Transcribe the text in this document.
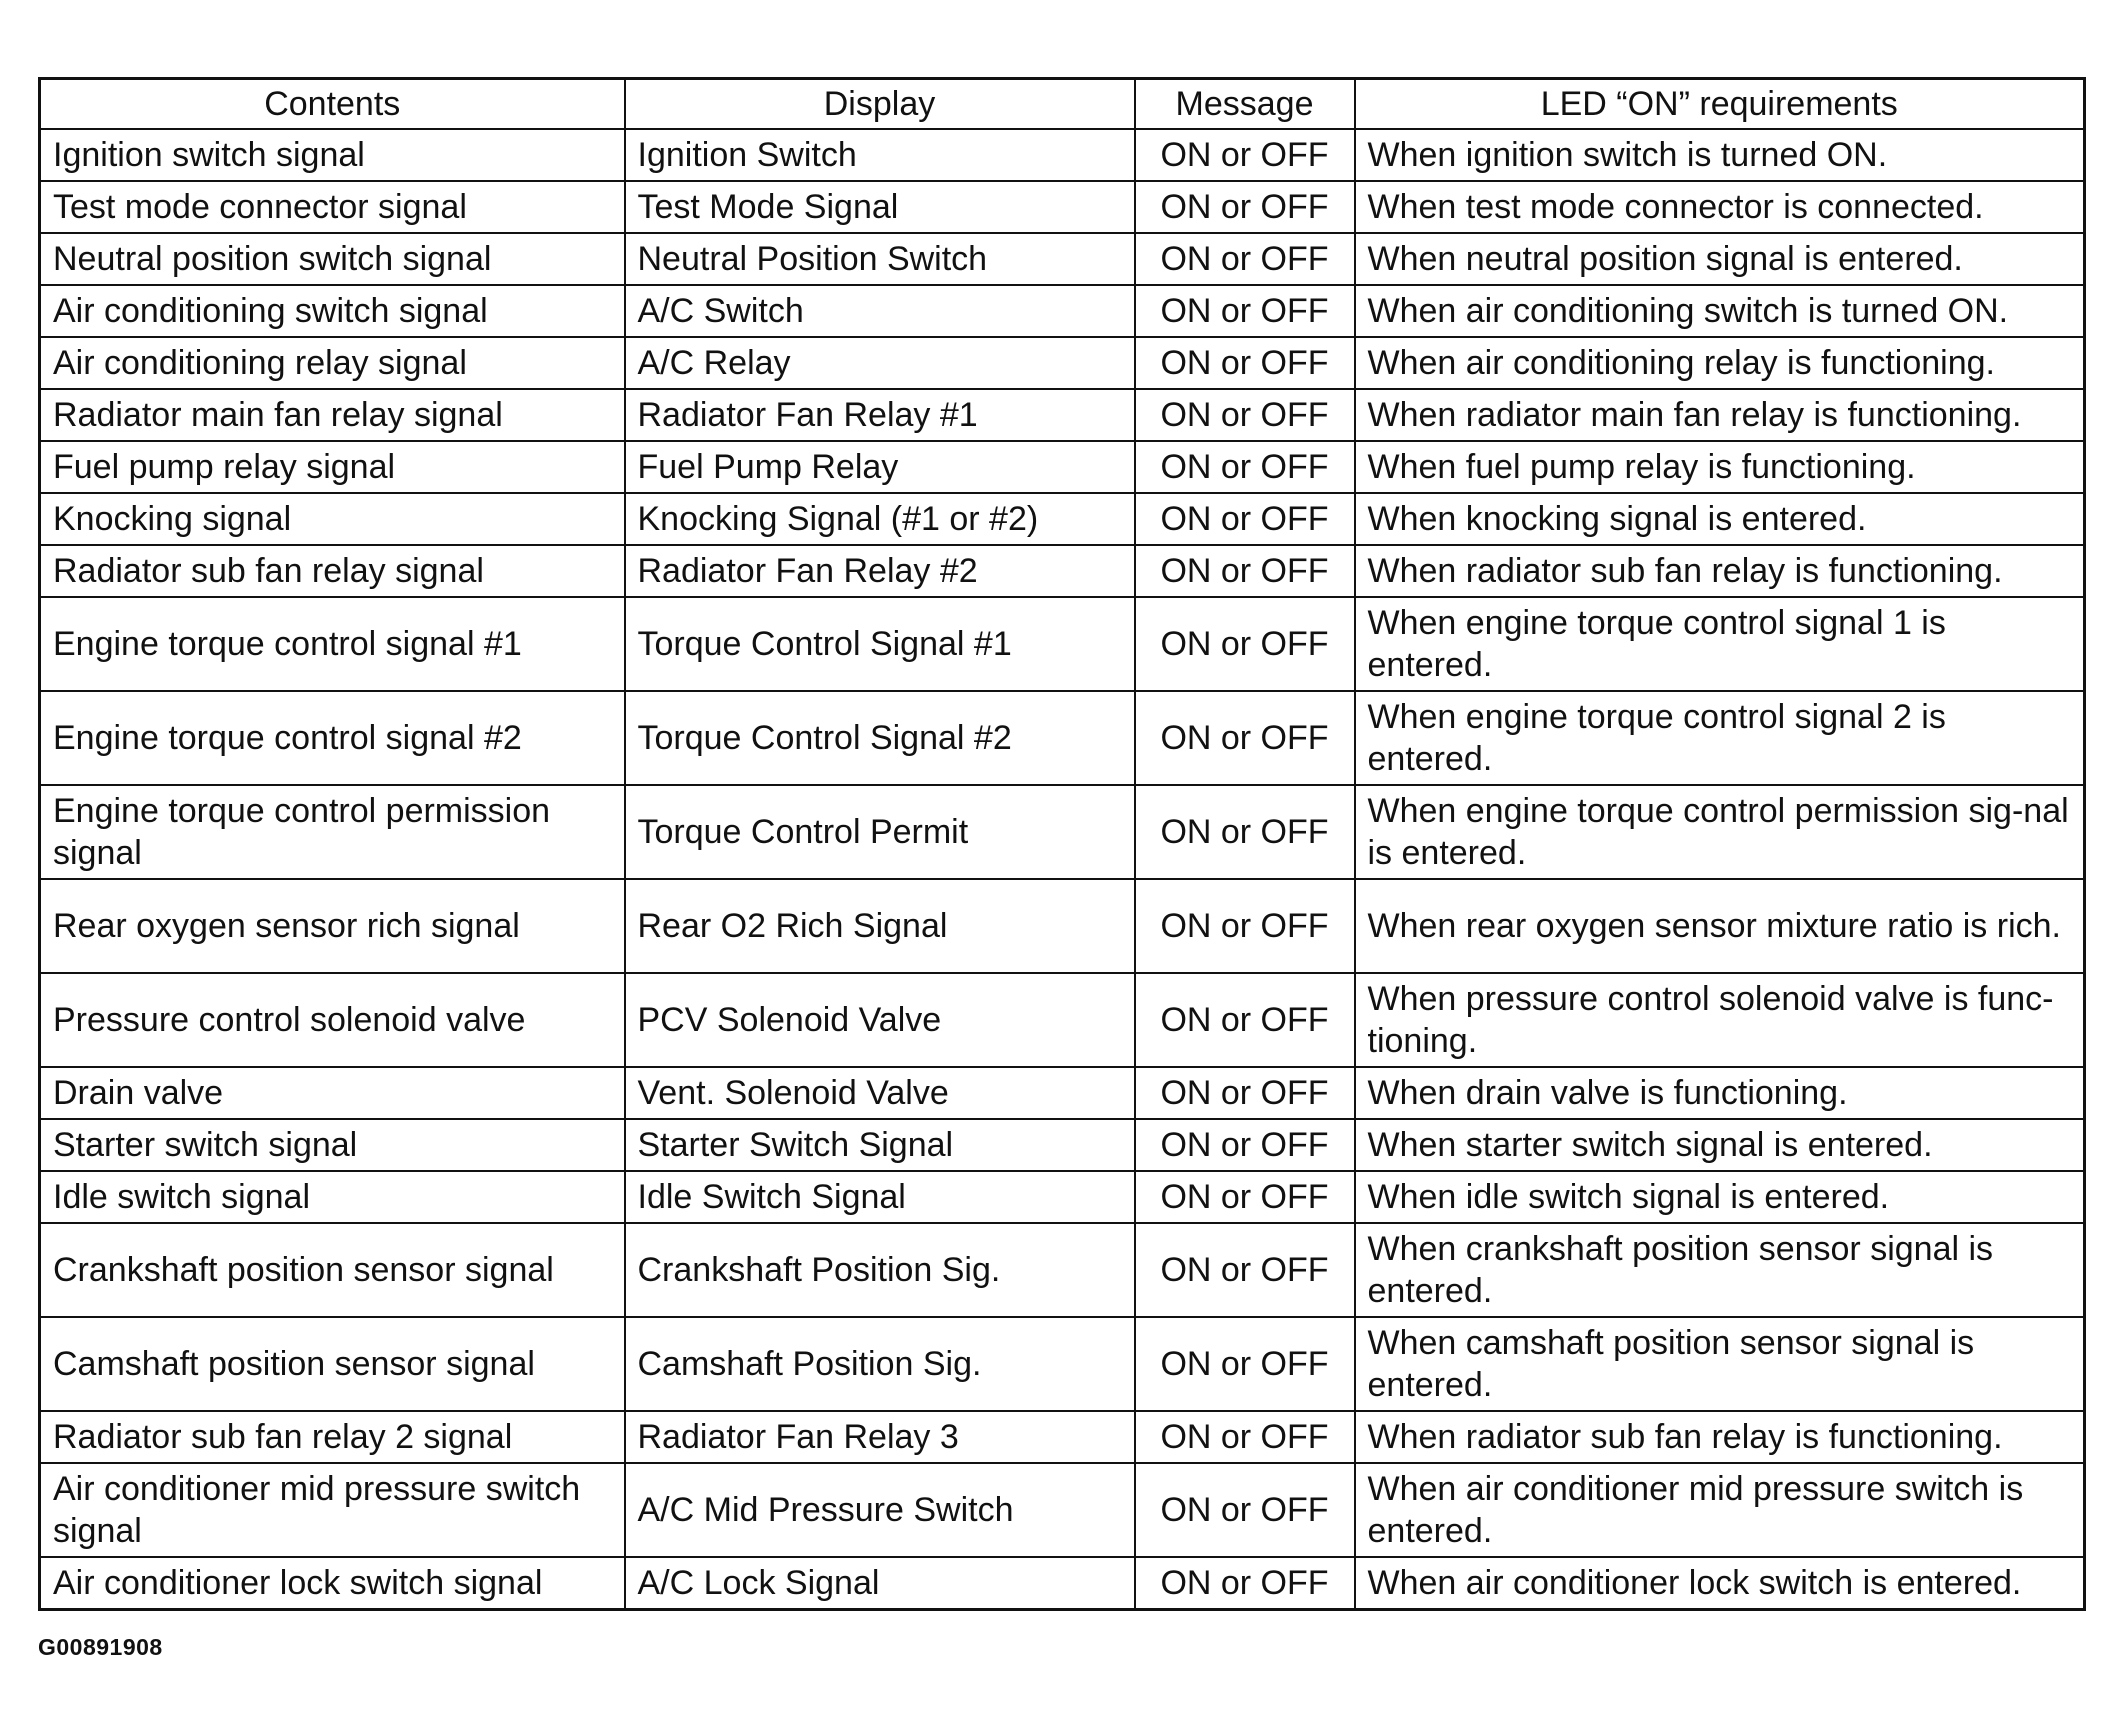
Contents	Display	Message	LED “ON” requirements
Ignition switch signal	Ignition Switch	ON or OFF	When ignition switch is turned ON.
Test mode connector signal	Test Mode Signal	ON or OFF	When test mode connector is connected.
Neutral position switch signal	Neutral Position Switch	ON or OFF	When neutral position signal is entered.
Air conditioning switch signal	A/C Switch	ON or OFF	When air conditioning switch is turned ON.
Air conditioning relay signal	A/C Relay	ON or OFF	When air conditioning relay is functioning.
Radiator main fan relay signal	Radiator Fan Relay #1	ON or OFF	When radiator main fan relay is functioning.
Fuel pump relay signal	Fuel Pump Relay	ON or OFF	When fuel pump relay is functioning.
Knocking signal	Knocking Signal (#1 or #2)	ON or OFF	When knocking signal is entered.
Radiator sub fan relay signal	Radiator Fan Relay #2	ON or OFF	When radiator sub fan relay is functioning.
Engine torque control signal #1	Torque Control Signal #1	ON or OFF	When engine torque control signal 1 is entered.
Engine torque control signal #2	Torque Control Signal #2	ON or OFF	When engine torque control signal 2 is entered.
Engine torque control permission signal	Torque Control Permit	ON or OFF	When engine torque control permission sig-nal is entered.
Rear oxygen sensor rich signal	Rear O2 Rich Signal	ON or OFF	When rear oxygen sensor mixture ratio is rich.
Pressure control solenoid valve	PCV Solenoid Valve	ON or OFF	When pressure control solenoid valve is func-tioning.
Drain valve	Vent. Solenoid Valve	ON or OFF	When drain valve is functioning.
Starter switch signal	Starter Switch Signal	ON or OFF	When starter switch signal is entered.
Idle switch signal	Idle Switch Signal	ON or OFF	When idle switch signal is entered.
Crankshaft position sensor signal	Crankshaft Position Sig.	ON or OFF	When crankshaft position sensor signal is entered.
Camshaft position sensor signal	Camshaft Position Sig.	ON or OFF	When camshaft position sensor signal is entered.
Radiator sub fan relay 2 signal	Radiator Fan Relay 3	ON or OFF	When radiator sub fan relay is functioning.
Air conditioner mid pressure switch signal	A/C Mid Pressure Switch	ON or OFF	When air conditioner mid pressure switch is entered.
Air conditioner lock switch signal	A/C Lock Signal	ON or OFF	When air conditioner lock switch is entered.
G00891908
